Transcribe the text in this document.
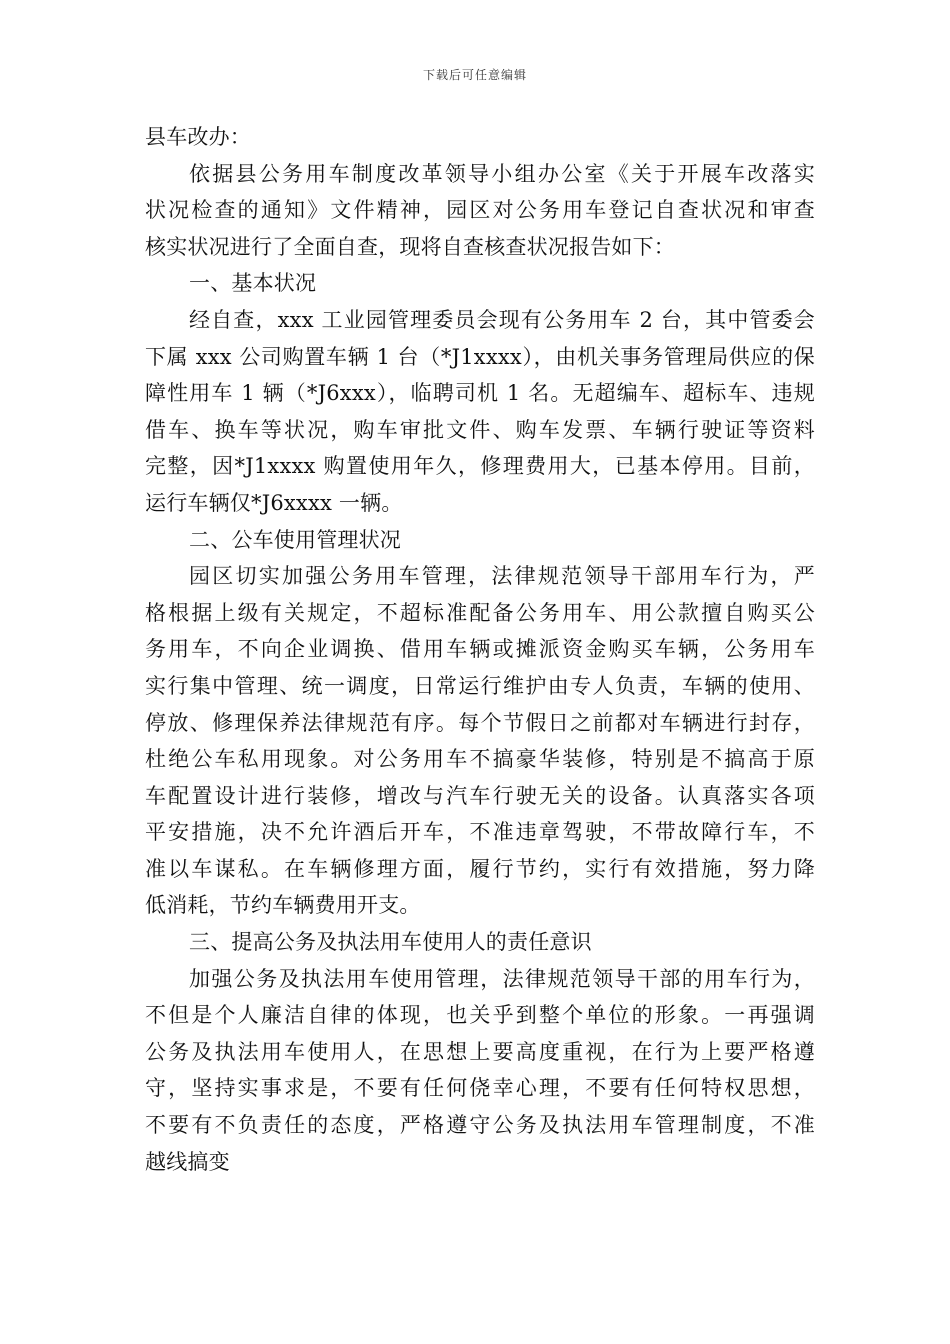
下载后可任意编辑
县车改办：
依据县公务用车制度改革领导小组办公室《关于开展车改落实
状况检查的通知》文件精神，园区对公务用车登记自查状况和审查
核实状况进行了全面自查，现将自查核查状况报告如下：
一、基本状况
经自查，xxx 工业园管理委员会现有公务用车 2 台，其中管委会
下属 xxx 公司购置车辆 1 台（*J1xxxx），由机关事务管理局供应的保
障性用车 1 辆（*J6xxx），临聘司机 1 名。无超编车、超标车、违规
借车、换车等状况，购车审批文件、购车发票、车辆行驶证等资料
完整，因*J1xxxx 购置使用年久，修理费用大，已基本停用。目前，
运行车辆仅*J6xxxx 一辆。
二、公车使用管理状况
园区切实加强公务用车管理，法律规范领导干部用车行为，严
格根据上级有关规定，不超标准配备公务用车、用公款擅自购买公
务用车，不向企业调换、借用车辆或摊派资金购买车辆，公务用车
实行集中管理、统一调度，日常运行维护由专人负责，车辆的使用、
停放、修理保养法律规范有序。每个节假日之前都对车辆进行封存，
杜绝公车私用现象。对公务用车不搞豪华装修，特别是不搞高于原
车配置设计进行装修，增改与汽车行驶无关的设备。认真落实各项
平安措施，决不允许酒后开车，不准违章驾驶，不带故障行车，不
准以车谋私。在车辆修理方面，履行节约，实行有效措施，努力降
低消耗，节约车辆费用开支。
三、提高公务及执法用车使用人的责任意识
加强公务及执法用车使用管理，法律规范领导干部的用车行为，
不但是个人廉洁自律的体现，也关乎到整个单位的形象。一再强调
公务及执法用车使用人，在思想上要高度重视，在行为上要严格遵
守，坚持实事求是，不要有任何侥幸心理，不要有任何特权思想，
不要有不负责任的态度，严格遵守公务及执法用车管理制度，不准
越线搞变
